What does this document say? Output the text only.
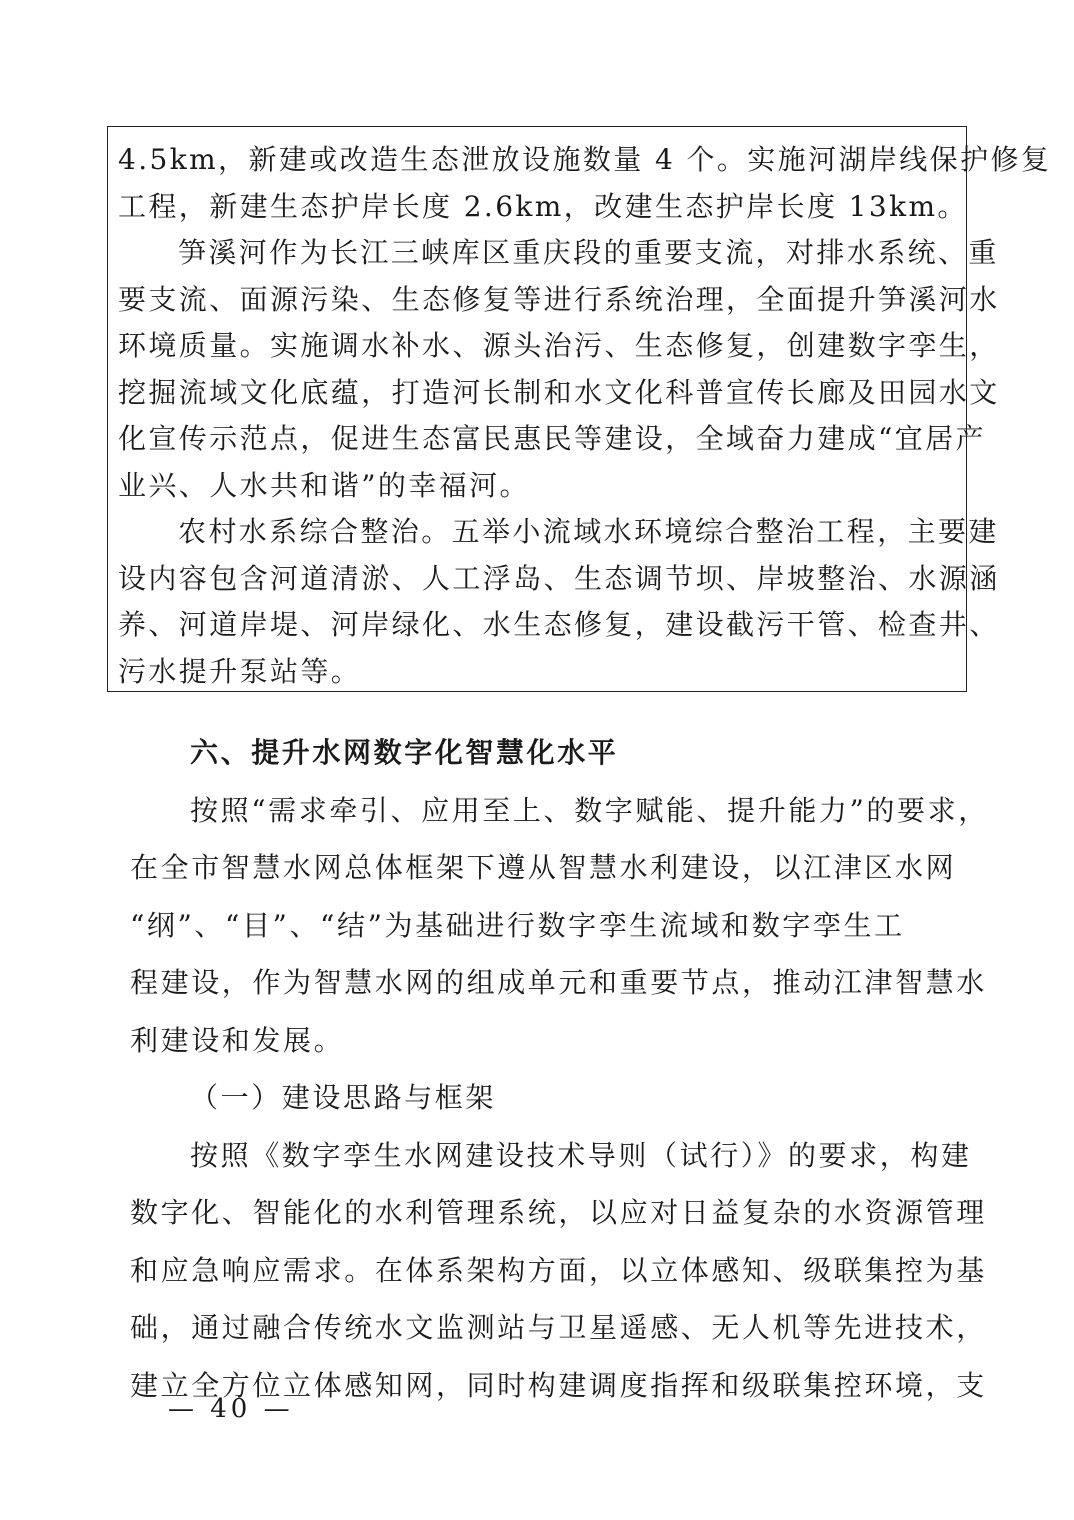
4.5km，新建或改造生态泄放设施数量 4 个。实施河湖岸线保护修复
工程，新建生态护岸长度 2.6km，改建生态护岸长度 13km。
笋溪河作为长江三峡库区重庆段的重要支流，对排水系统、重
要支流、面源污染、生态修复等进行系统治理，全面提升笋溪河水
环境质量。实施调水补水、源头治污、生态修复，创建数字孪生，
挖掘流域文化底蕴，打造河长制和水文化科普宣传长廊及田园水文
化宣传示范点，促进生态富民惠民等建设，全域奋力建成“宜居产
业兴、人水共和谐”的幸福河。
农村水系综合整治。五举小流域水环境综合整治工程，主要建
设内容包含河道清淤、人工浮岛、生态调节坝、岸坡整治、水源涵
养、河道岸堤、河岸绿化、水生态修复，建设截污干管、检查井、
污水提升泵站等。
六、提升水网数字化智慧化水平
按照“需求牵引、应用至上、数字赋能、提升能力”的要求，
在全市智慧水网总体框架下遵从智慧水利建设，以江津区水网
“纲”、“目”、“结”为基础进行数字孪生流域和数字孪生工
程建设，作为智慧水网的组成单元和重要节点，推动江津智慧水
利建设和发展。
（一）建设思路与框架
按照《数字孪生水网建设技术导则（试行）》的要求，构建
数字化、智能化的水利管理系统，以应对日益复杂的水资源管理
和应急响应需求。在体系架构方面，以立体感知、级联集控为基
础，通过融合传统水文监测站与卫星遥感、无人机等先进技术，
建立全方位立体感知网，同时构建调度指挥和级联集控环境，支
— 40 —
